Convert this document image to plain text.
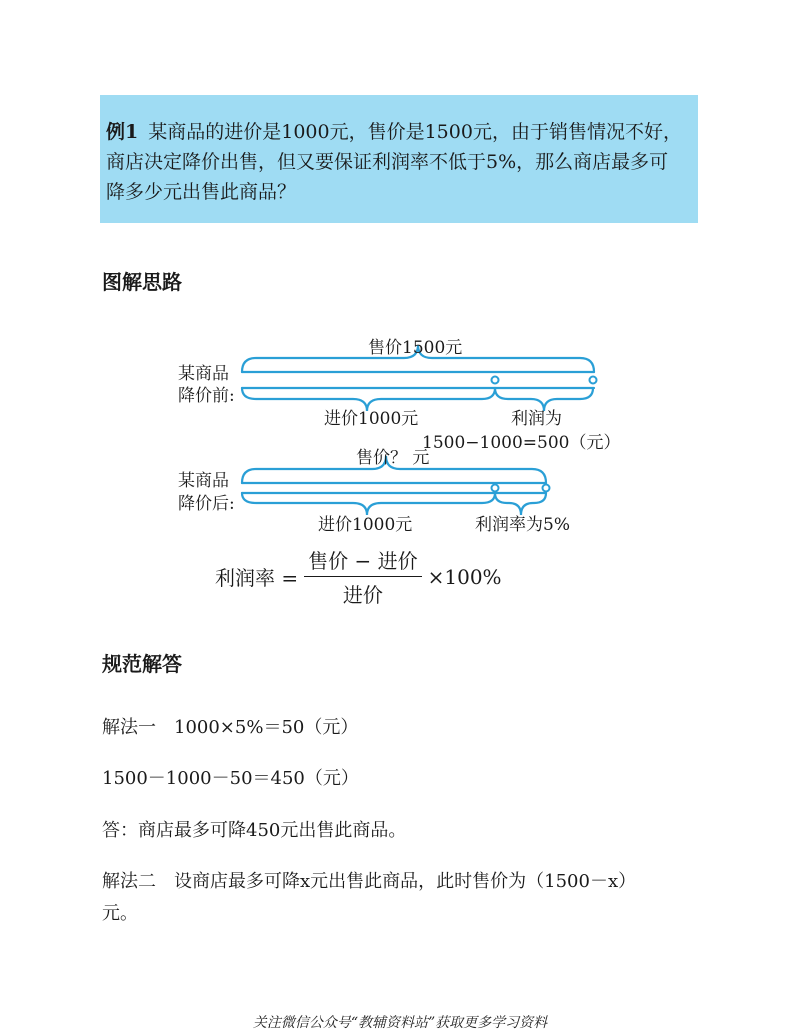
例1 某商品的进价是1000元，售价是1500元，由于销售情况不好，
商店决定降价出售，但又要保证利润率不低于5%，那么商店最多可
降多少元出售此商品？
图解思路
售价1500元
某商品
降价前:
进价1000元	利润为
1500−1000=500（元）
售价？ 元
某商品
降价后:
进价1000元	利润率为5%
利润率 = $\frac{\text{售价 − 进价}}{\text{进价}} \times 100\%$
规范解答
解法一　1000×5%＝50（元）
1500－1000－50＝450（元）
答：商店最多可降450元出售此商品。
解法二　设商店最多可降x元出售此商品，此时售价为（1500－x）
元。
关注微信公众号“教辅资料站”获取更多学习资料
